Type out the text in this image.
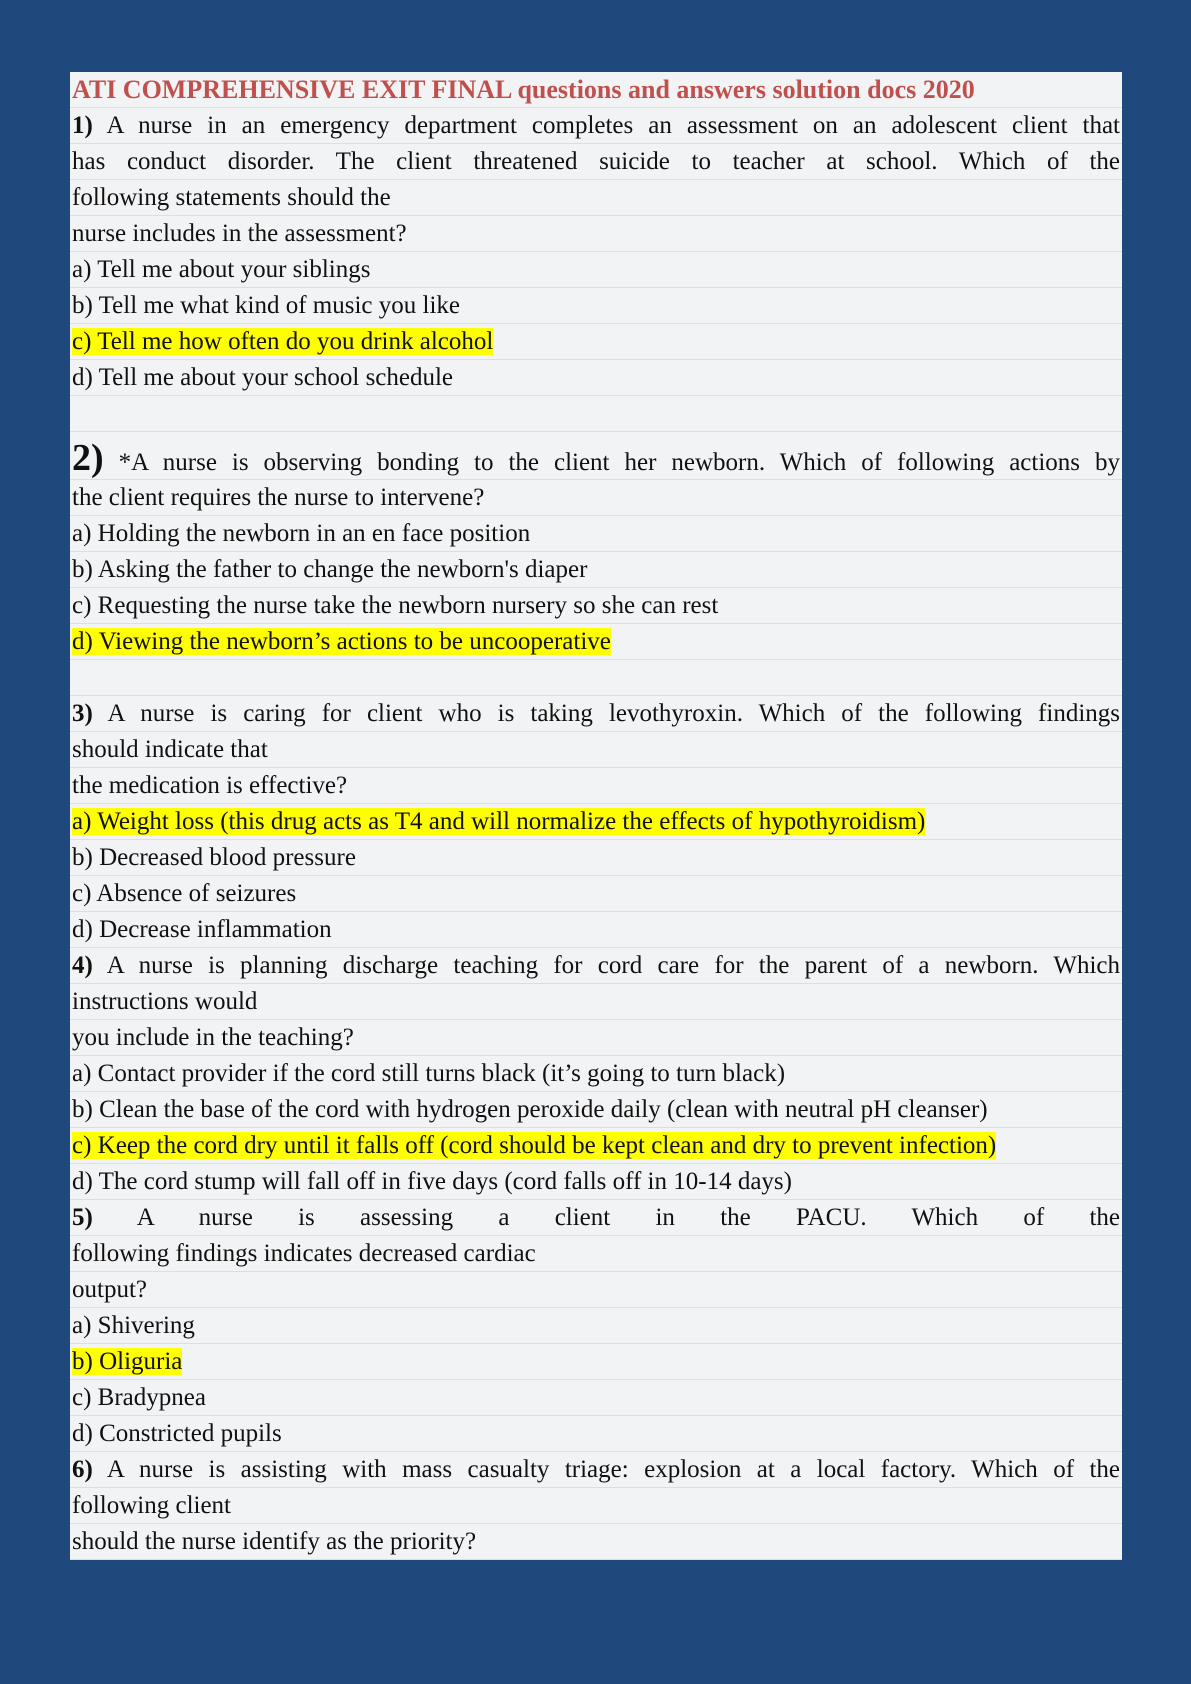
ATI COMPREHENSIVE EXIT FINAL questions and answers solution docs 2020
1) A nurse in an emergency department completes an assessment on an adolescent client that
has conduct disorder. The client threatened suicide to teacher at school. Which of the
following statements should the
nurse includes in the assessment?
a) Tell me about your siblings
b) Tell me what kind of music you like
c) Tell me how often do you drink alcohol
d) Tell me about your school schedule
2) *A nurse is observing bonding to the client her newborn. Which of following actions by
the client requires the nurse to intervene?
a) Holding the newborn in an en face position
b) Asking the father to change the newborn's diaper
c) Requesting the nurse take the newborn nursery so she can rest
d) Viewing the newborn’s actions to be uncooperative
3) A nurse is caring for client who is taking levothyroxin. Which of the following findings
should indicate that
the medication is effective?
a) Weight loss (this drug acts as T4 and will normalize the effects of hypothyroidism)
b) Decreased blood pressure
c) Absence of seizures
d) Decrease inflammation
4) A nurse is planning discharge teaching for cord care for the parent of a newborn. Which
instructions would
you include in the teaching?
a) Contact provider if the cord still turns black (it’s going to turn black)
b) Clean the base of the cord with hydrogen peroxide daily (clean with neutral pH cleanser)
c) Keep the cord dry until it falls off (cord should be kept clean and dry to prevent infection)
d) The cord stump will fall off in five days (cord falls off in 10-14 days)
5) A nurse is assessing a client in the PACU. Which of the
following findings indicates decreased cardiac
output?
a) Shivering
b) Oliguria
c) Bradypnea
d) Constricted pupils
6) A nurse is assisting with mass casualty triage: explosion at a local factory. Which of the
following client
should the nurse identify as the priority?
